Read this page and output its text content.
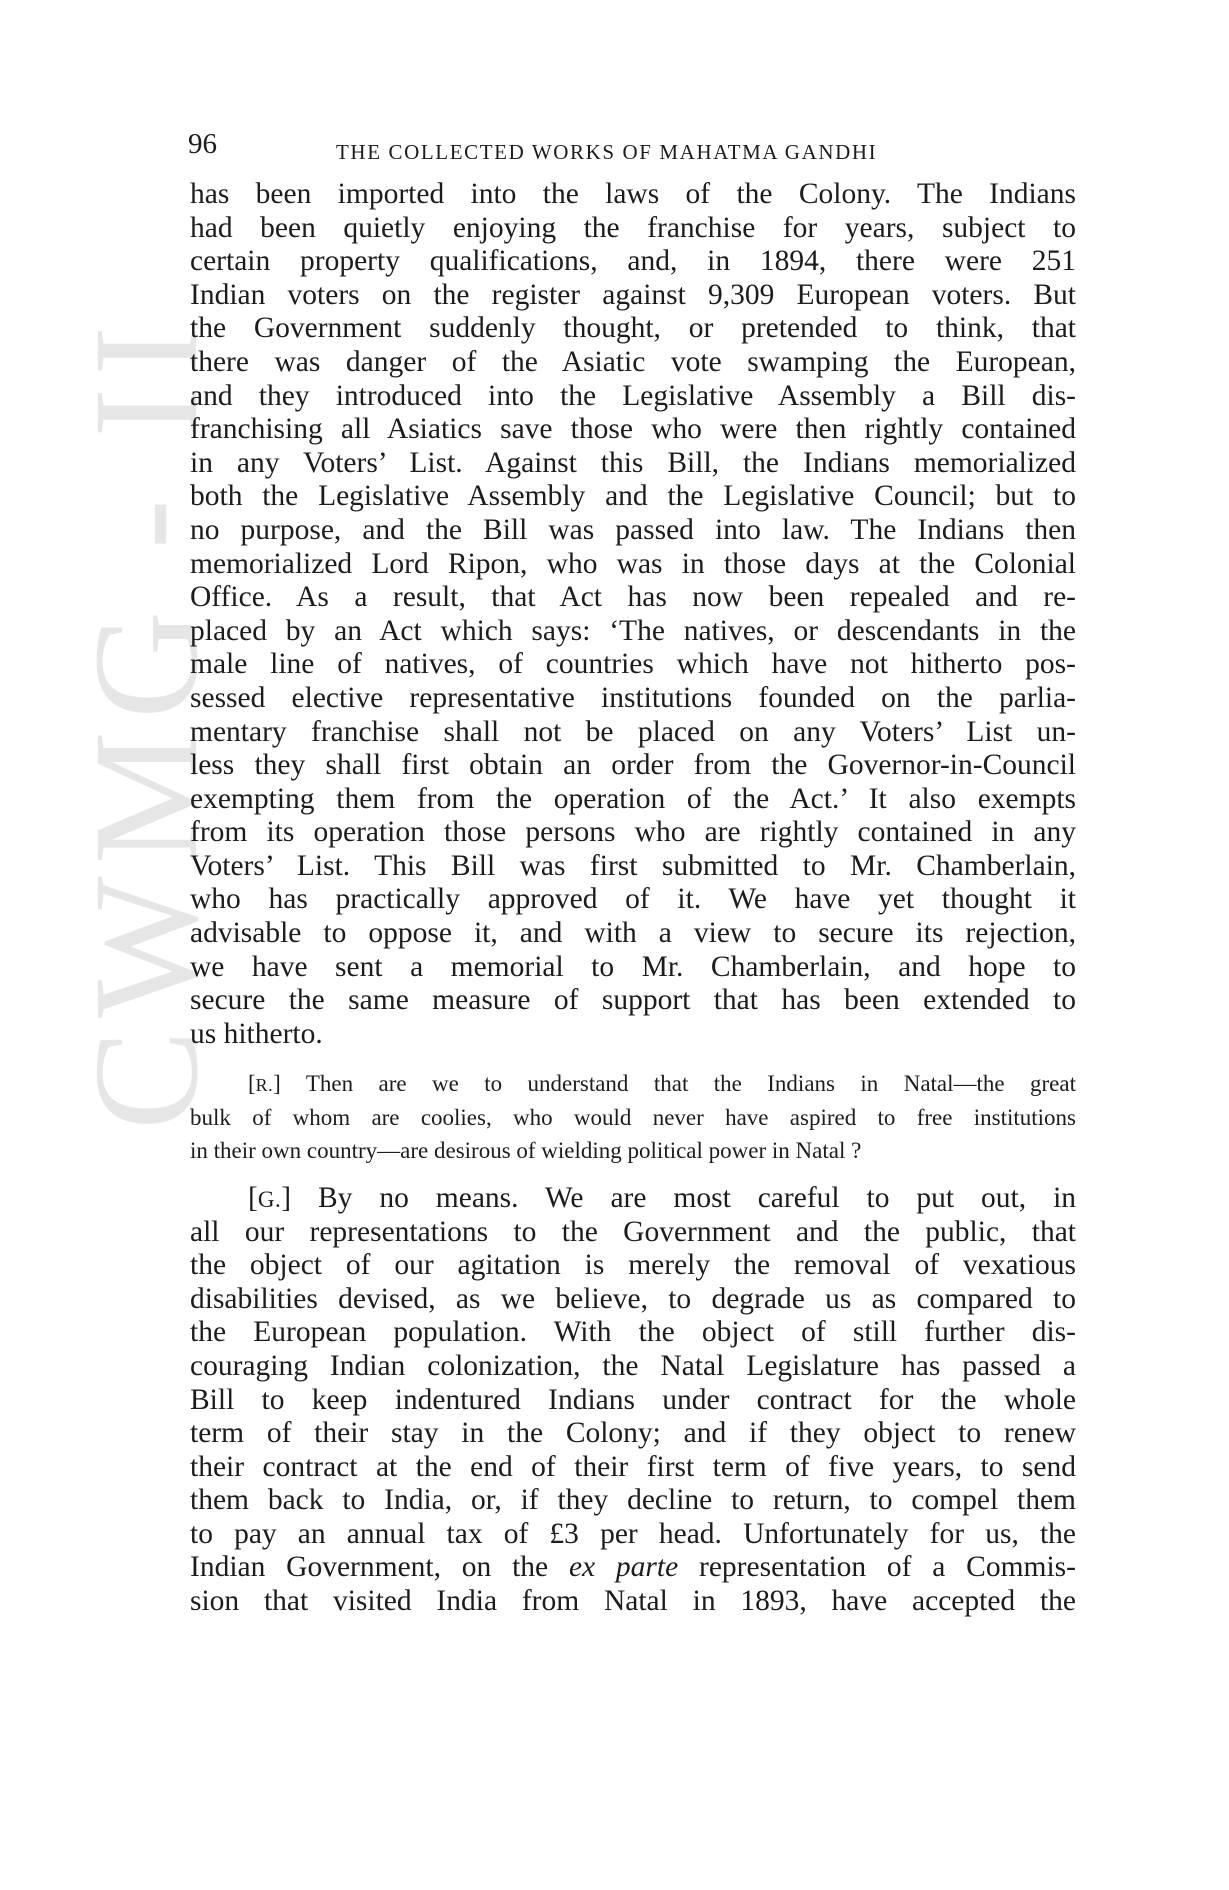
CWMG - II
96	THE COLLECTED WORKS OF MAHATMA GANDHI
has been imported into the laws of the Colony. The Indians
had been quietly enjoying the franchise for years, subject to
certain property qualifications, and, in 1894, there were 251
Indian voters on the register against 9,309 European voters. But
the Government suddenly thought, or pretended to think, that
there was danger of the Asiatic vote swamping the European,
and they introduced into the Legislative Assembly a Bill dis-
franchising all Asiatics save those who were then rightly contained
in any Voters’ List. Against this Bill, the Indians memorialized
both the Legislative Assembly and the Legislative Council; but to
no purpose, and the Bill was passed into law. The Indians then
memorialized Lord Ripon, who was in those days at the Colonial
Office. As a result, that Act has now been repealed and re-
placed by an Act which says: ‘The natives, or descendants in the
male line of natives, of countries which have not hitherto pos-
sessed elective representative institutions founded on the parlia-
mentary franchise shall not be placed on any Voters’ List un-
less they shall first obtain an order from the Governor-in-Council
exempting them from the operation of the Act.’ It also exempts
from its operation those persons who are rightly contained in any
Voters’ List. This Bill was first submitted to Mr. Chamberlain,
who has practically approved of it. We have yet thought it
advisable to oppose it, and with a view to secure its rejection,
we have sent a memorial to Mr. Chamberlain, and hope to
secure the same measure of support that has been extended to
us hitherto.
[R.] Then are we to understand that the Indians in Natal—the great
bulk of whom are coolies, who would never have aspired to free institutions
in their own country—are desirous of wielding political power in Natal ?
[G.] By no means. We are most careful to put out, in
all our representations to the Government and the public, that
the object of our agitation is merely the removal of vexatious
disabilities devised, as we believe, to degrade us as compared to
the European population. With the object of still further dis-
couraging Indian colonization, the Natal Legislature has passed a
Bill to keep indentured Indians under contract for the whole
term of their stay in the Colony; and if they object to renew
their contract at the end of their first term of five years, to send
them back to India, or, if they decline to return, to compel them
to pay an annual tax of £3 per head. Unfortunately for us, the
Indian Government, on the ex parte representation of a Commis-
sion that visited India from Natal in 1893, have accepted the
